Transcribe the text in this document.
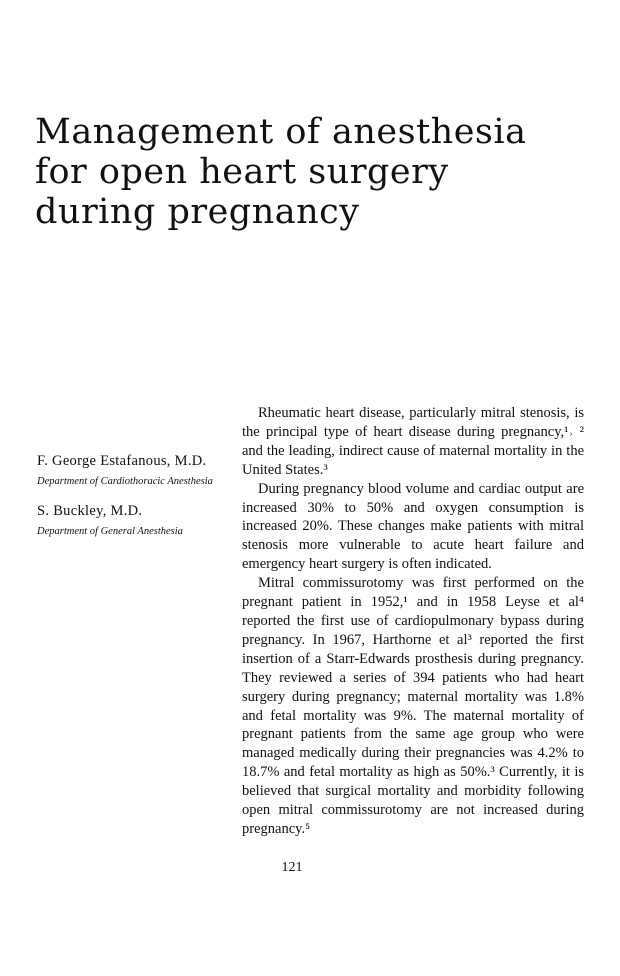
Management of anesthesia
for open heart surgery
during pregnancy
F. George Estafanous, M.D.
Department of Cardiothoracic Anesthesia
S. Buckley, M.D.
Department of General Anesthesia

Rheumatic heart disease, particularly mitral stenosis, is the principal type of heart disease during pregnancy,¹˒ ² and the leading, indirect cause of maternal mortality in the United States.³

During pregnancy blood volume and cardiac output are increased 30% to 50% and oxygen consumption is increased 20%. These changes make patients with mitral stenosis more vulnerable to acute heart failure and emergency heart surgery is often indicated.

Mitral commissurotomy was first performed on the pregnant patient in 1952,¹ and in 1958 Leyse et al⁴ reported the first use of cardiopulmonary bypass during pregnancy. In 1967, Harthorne et al³ reported the first insertion of a Starr-Edwards prosthesis during pregnancy. They reviewed a series of 394 patients who had heart surgery during pregnancy; maternal mortality was 1.8% and fetal mortality was 9%. The maternal mortality of pregnant patients from the same age group who were managed medically during their pregnancies was 4.2% to 18.7% and fetal mortality as high as 50%.³ Currently, it is believed that surgical mortality and morbidity following open mitral commissurotomy are not increased during pregnancy.⁵

121
